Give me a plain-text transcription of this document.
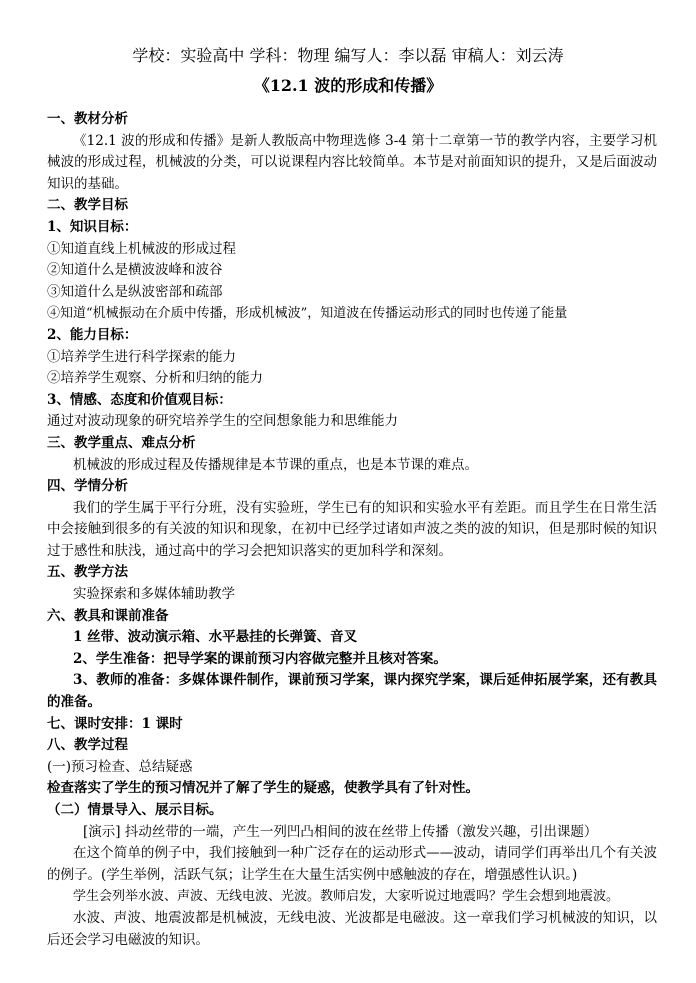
学校：实验高中 学科：物理 编写人：李以磊 审稿人：刘云涛
《12.1 波的形成和传播》

一、教材分析

《12.1 波的形成和传播》是新人教版高中物理选修 3-4 第十二章第一节的教学内容，主要学习机械波的形成过程，机械波的分类，可以说课程内容比较简单。本节是对前面知识的提升，又是后面波动知识的基础。

二、教学目标

1、知识目标：

①知道直线上机械波的形成过程

②知道什么是横波波峰和波谷

③知道什么是纵波密部和疏部

④知道“机械振动在介质中传播，形成机械波”，知道波在传播运动形式的同时也传递了能量

2、能力目标：

①培养学生进行科学探索的能力

②培养学生观察、分析和归纳的能力

3、情感、态度和价值观目标：

通过对波动现象的研究培养学生的空间想象能力和思维能力

三、教学重点、难点分析

机械波的形成过程及传播规律是本节课的重点，也是本节课的难点。

四、学情分析

我们的学生属于平行分班，没有实验班，学生已有的知识和实验水平有差距。而且学生在日常生活中会接触到很多的有关波的知识和现象，在初中已经学过诸如声波之类的波的知识，但是那时候的知识过于感性和肤浅，通过高中的学习会把知识落实的更加科学和深刻。

五、教学方法

实验探索和多媒体辅助教学

六、教具和课前准备

1 丝带、波动演示箱、水平悬挂的长弹簧、音叉

2、学生准备：把导学案的课前预习内容做完整并且核对答案。

3、教师的准备：多媒体课件制作，课前预习学案，课内探究学案，课后延伸拓展学案，还有教具的准备。

七、课时安排：1 课时

八、教学过程

(一)预习检查、总结疑惑

检查落实了学生的预习情况并了解了学生的疑惑，使教学具有了针对性。

（二）情景导入、展示目标。

[演示] 抖动丝带的一端，产生一列凹凸相间的波在丝带上传播（激发兴趣，引出课题）

在这个简单的例子中，我们接触到一种广泛存在的运动形式——波动，请同学们再举出几个有关波的例子。(学生举例，活跃气氛；让学生在大量生活实例中感触波的存在，增强感性认识。)

学生会列举水波、声波、无线电波、光波。教师启发，大家听说过地震吗？学生会想到地震波。

水波、声波、地震波都是机械波，无线电波、光波都是电磁波。这一章我们学习机械波的知识，以后还会学习电磁波的知识。
